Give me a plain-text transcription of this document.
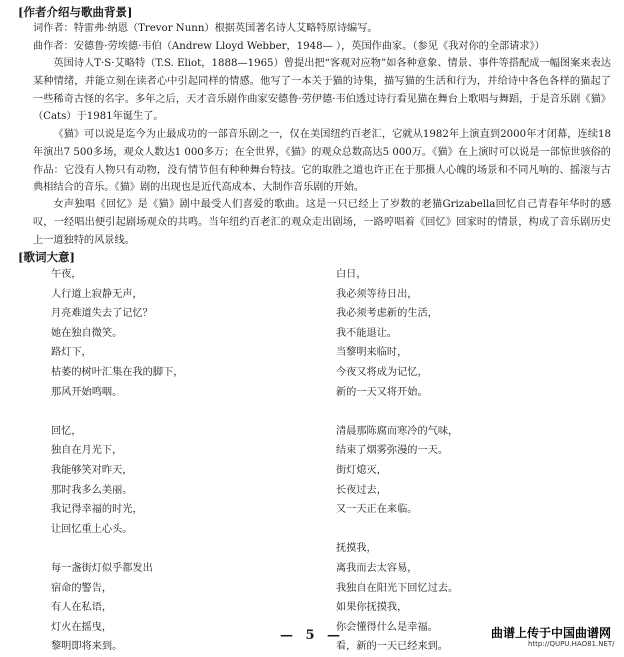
[作者介绍与歌曲背景]
词作者：特雷弗·纳恩（Trevor Nunn）根据英国著名诗人艾略特原诗编写。
曲作者：安德鲁·劳埃德·韦伯（Andrew Lloyd Webber，1948— ），英国作曲家。（参见《我对你的全部请求》）
英国诗人T·S·艾略特（T.S. Eliot，1888—1965）曾提出把“客观对应物”如各种意象、情景、事件等搭配成一幅图案来表达某种情绪，并能立刻在读者心中引起同样的情感。他写了一本关于猫的诗集，描写猫的生活和行为，并给诗中各色各样的猫起了一些稀奇古怪的名字。多年之后，天才音乐剧作曲家安德鲁·劳伊德·韦伯透过诗行看见猫在舞台上歌唱与舞蹈，于是音乐剧《猫》（Cats）于1981年诞生了。
《猫》可以说是迄今为止最成功的一部音乐剧之一，仅在美国纽约百老汇，它就从1982年上演直到2000年才闭幕，连续18年演出7 500多场，观众人数达1 000多万；在全世界，《猫》的观众总数高达5 000万。《猫》在上演时可以说是一部惊世骇俗的作品：它没有人物只有动物，没有情节但有种种舞台特技。它的取胜之道也许正在于那摄人心魄的场景和不同凡响的、摇滚与古典相结合的音乐。《猫》剧的出现也是近代高成本、大制作音乐剧的开始。
女声独唱《回忆》是《猫》剧中最受人们喜爱的歌曲。这是一只已经上了岁数的老猫Grizabella回忆自己青春年华时的感叹，一经唱出便引起剧场观众的共鸣。当年纽约百老汇的观众走出剧场，一路哼唱着《回忆》回家时的情景，构成了音乐剧历史上一道独特的风景线。
[歌词大意]
午夜，
人行道上寂静无声，
月亮难道失去了记忆？
她在独自微笑。
路灯下，
枯萎的树叶汇集在我的脚下，
那风开始鸣咽。
回忆，
独自在月光下，
我能够笑对昨天，
那时我多么美丽。
我记得幸福的时光，
让回忆重上心头。
每一盏街灯似乎都发出
宿命的警告，
有人在私语，
灯火在摇曳，
黎明即将来到。
白日，
我必须等待日出，
我必须考虑新的生活，
我不能退让。
当黎明来临时，
今夜又将成为记忆，
新的一天又将开始。
清晨那陈腐而寒冷的气味，
结束了烟雾弥漫的一天。
街灯熄灭，
长夜过去，
又一天正在来临。
抚摸我，
离我而去太容易，
我独自在阳光下回忆过去。
如果你抚摸我，
你会懂得什么是幸福。
看，新的一天已经来到。
— 5 —	曲谱上传于中国曲谱网
http://QUPU.HAO81.NET/
